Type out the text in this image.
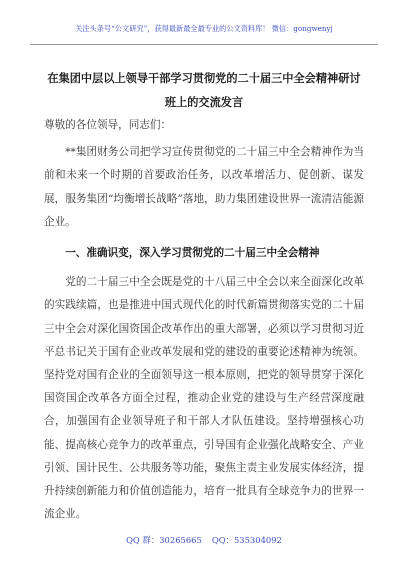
关注头条号“公文研究”，获得最新最全最专业的公文资料库！ 微信：gongwenyj
在集团中层以上领导干部学习贯彻党的二十届三中全会精神研讨班上的交流发言

尊敬的各位领导，同志们：

**集团财务公司把学习宣传贯彻党的二十届三中全会精神作为当前和未来一个时期的首要政治任务，以改革增活力、促创新、谋发展，服务集团“均衡增长战略”落地，助力集团建设世界一流清洁能源企业。

一、准确识变，深入学习贯彻党的二十届三中全会精神

党的二十届三中全会既是党的十八届三中全会以来全面深化改革的实践续篇，也是推进中国式现代化的时代新篇贯彻落实党的二十届三中全会对深化国资国企改革作出的重大部署，必须以学习贯彻习近平总书记关于国有企业改革发展和党的建设的重要论述精神为统领。坚持党对国有企业的全面领导这一根本原则，把党的领导贯穿于深化国资国企改革各方面全过程，推动企业党的建设与生产经营深度融合，加强国有企业领导班子和干部人才队伍建设。坚持增强核心功能、提高核心竞争力的改革重点，引导国有企业强化战略安全、产业引领、国计民生、公共服务等功能，聚焦主责主业发展实体经济，提升持续创新能力和价值创造能力，培育一批具有全球竞争力的世界一流企业。

QQ 群：30265665 QQ：535304092
